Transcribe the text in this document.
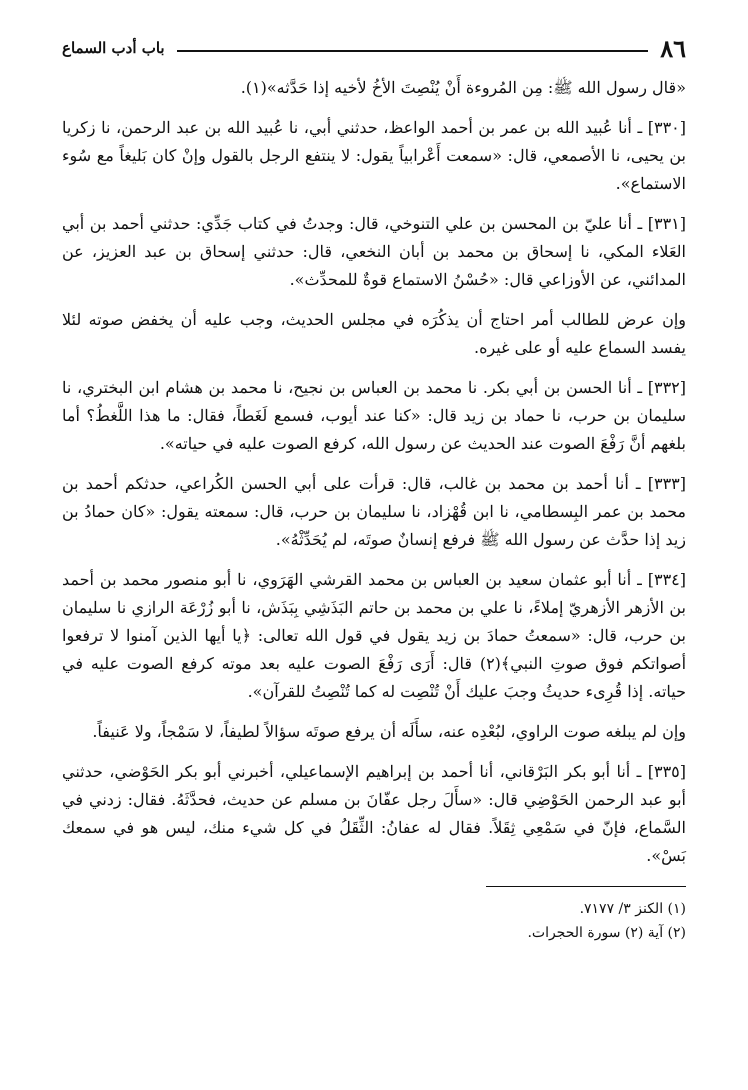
٨٦
باب أدب السماع

«قال رسول الله ﷺ: مِن المُروءة أَنْ يُنْصِتَ الأخُ لأخيه إذا حَدَّثه»(١).

[٣٣٠] ـ أنا عُبيد الله بن عمر بن أحمد الواعظ، حدثني أبي، نا عُبيد الله بن عبد الرحمن، نا زكريا بن يحيى، نا الأصمعي، قال: «سمعت أَعْرابياً يقول: لا ينتفع الرجل بالقول وإنْ كان بَليغاً مع سُوء الاستماع».

[٣٣١] ـ أنا عليّ بن المحسن بن علي التنوخي، قال: وجدتُ في كتاب جَدِّي: حدثني أحمد بن أبي العَلاء المكي، نا إسحاق بن محمد بن أبان النخعي، قال: حدثني إسحاق بن عبد العزيز، عن المدائني، عن الأوزاعي قال: «حُسْنُ الاستماع قوةٌ للمحدِّث».

وإن عرض للطالب أمر احتاج أن يذكُرَه في مجلس الحديث، وجب عليه أن يخفض صوته لئلا يفسد السماع عليه أو على غيره.

[٣٣٢] ـ أنا الحسن بن أبي بكر. نا محمد بن العباس بن نجيح، نا محمد بن هشام ابن البختري، نا سليمان بن حرب، نا حماد بن زيد قال: «كنا عند أيوب، فسمع لَغَطاً، فقال: ما هذا اللَّغطُ؟ أما بلغهم أنَّ رَفْعَ الصوت عند الحديث عن رسول الله، كرفع الصوت عليه في حياته».

[٣٣٣] ـ أنا أحمد بن محمد بن غالب، قال: قرأت على أبي الحسن الكُراعي، حدثكم أحمد بن محمد بن عمر البِسطامي، نا ابن قُهْزاد، نا سليمان بن حرب، قال: سمعته يقول: «كان حمادُ بن زيد إذا حدَّث عن رسول الله ﷺ فرفع إنسانٌ صوتَه، لم يُحَدِّثْهُ».

[٣٣٤] ـ أنا أبو عثمان سعيد بن العباس بن محمد القرشي الهَرَوي، نا أبو منصور محمد بن أحمد بن الأزهر الأزهريّ إملاءً، نا علي بن محمد بن حاتم البَذَشِي بِبَذَش، نا أبو زُرْعَة الرازي نا سليمان بن حرب، قال: «سمعتُ حمادَ بن زيد يقول في قول الله تعالى: ﴿يا أيها الذين آمنوا لا ترفعوا أصواتكم فوق صوتِ النبي﴾(٢) قال: أَرَى رَفْعَ الصوت عليه بعد موته كرفع الصوت عليه في حياته. إذا قُرِىء حديثُ وجبَ عليك أَنْ تُنْصِت له كما تُنْصِتُ للقرآن».

وإن لم يبلغه صوت الراوي، لبُعْدِه عنه، سأَلَه أن يرفع صوتَه سؤالاً لطيفاً، لا سَمْجاً، ولا عَنيفاً.

[٣٣٥] ـ أنا أبو بكر البَرْقاني، أنا أحمد بن إبراهيم الإسماعيلي، أخبرني أبو بكر الحَوْضي، حدثني أبو عبد الرحمن الحَوْضِي قال: «سأَلَ رجل عفّانَ بن مسلم عن حديث، فحدَّثَهُ. فقال: زدني في السَّماع، فإنّ في سَمْعِي ثِقَلاً. فقال له عفانُ: الثِّقَلُ في كل شيء منك، ليس هو في سمعك بَسْ».

(١) الكنز ٣/ ٧١٧٧.

(٢) آية (٢) سورة الحجرات.
